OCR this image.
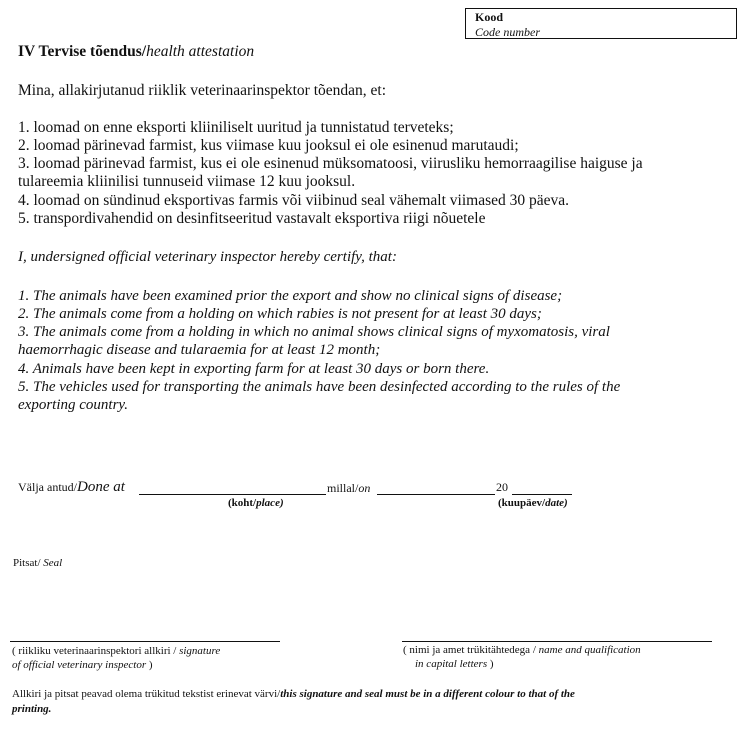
Kood
Code number
IV Tervise tõendus/health attestation
Mina, allakirjutanud riiklik veterinaarinspektor tõendan, et:
1. loomad on enne eksporti kliiniliselt uuritud ja tunnistatud terveteks;
2. loomad pärinevad farmist, kus viimase kuu jooksul ei ole esinenud marutaudi;
3. loomad pärinevad farmist, kus ei ole esinenud müksomatoosi, viirusliku hemorraagilise haiguse ja
tulareemia kliinilisi tunnuseid viimase 12 kuu jooksul.
4. loomad on sündinud eksportivas farmis või viibinud seal vähemalt viimased 30 päeva.
5. transpordivahendid on desinfitseeritud vastavalt eksportiva riigi nõuetele
I, undersigned official veterinary inspector hereby certify, that:
1. The animals have been examined prior the export and show no clinical signs of disease;
2. The animals come from a holding on which rabies is not present for at least 30 days;
3. The animals come from a holding in which no animal shows clinical signs of myxomatosis, viral
haemorrhagic disease and tularaemia for at least 12 month;
4. Animals have been kept in exporting farm for at least 30 days or born there.
5. The vehicles used for transporting the animals have been desinfected according to the rules of the
exporting country.
Välja antud/Done at	millal/on	20
(koht/place)	(kuupäev/date)
Pitsat/ Seal
( riikliku veterinaarinspektori allkiri / signature
of official veterinary inspector )
( nimi ja amet trükitähtedega / name and qualification
in capital letters )
Allkiri ja pitsat peavad olema trükitud tekstist erinevat värvi/this signature and seal must be in a different colour to that of the
printing.
